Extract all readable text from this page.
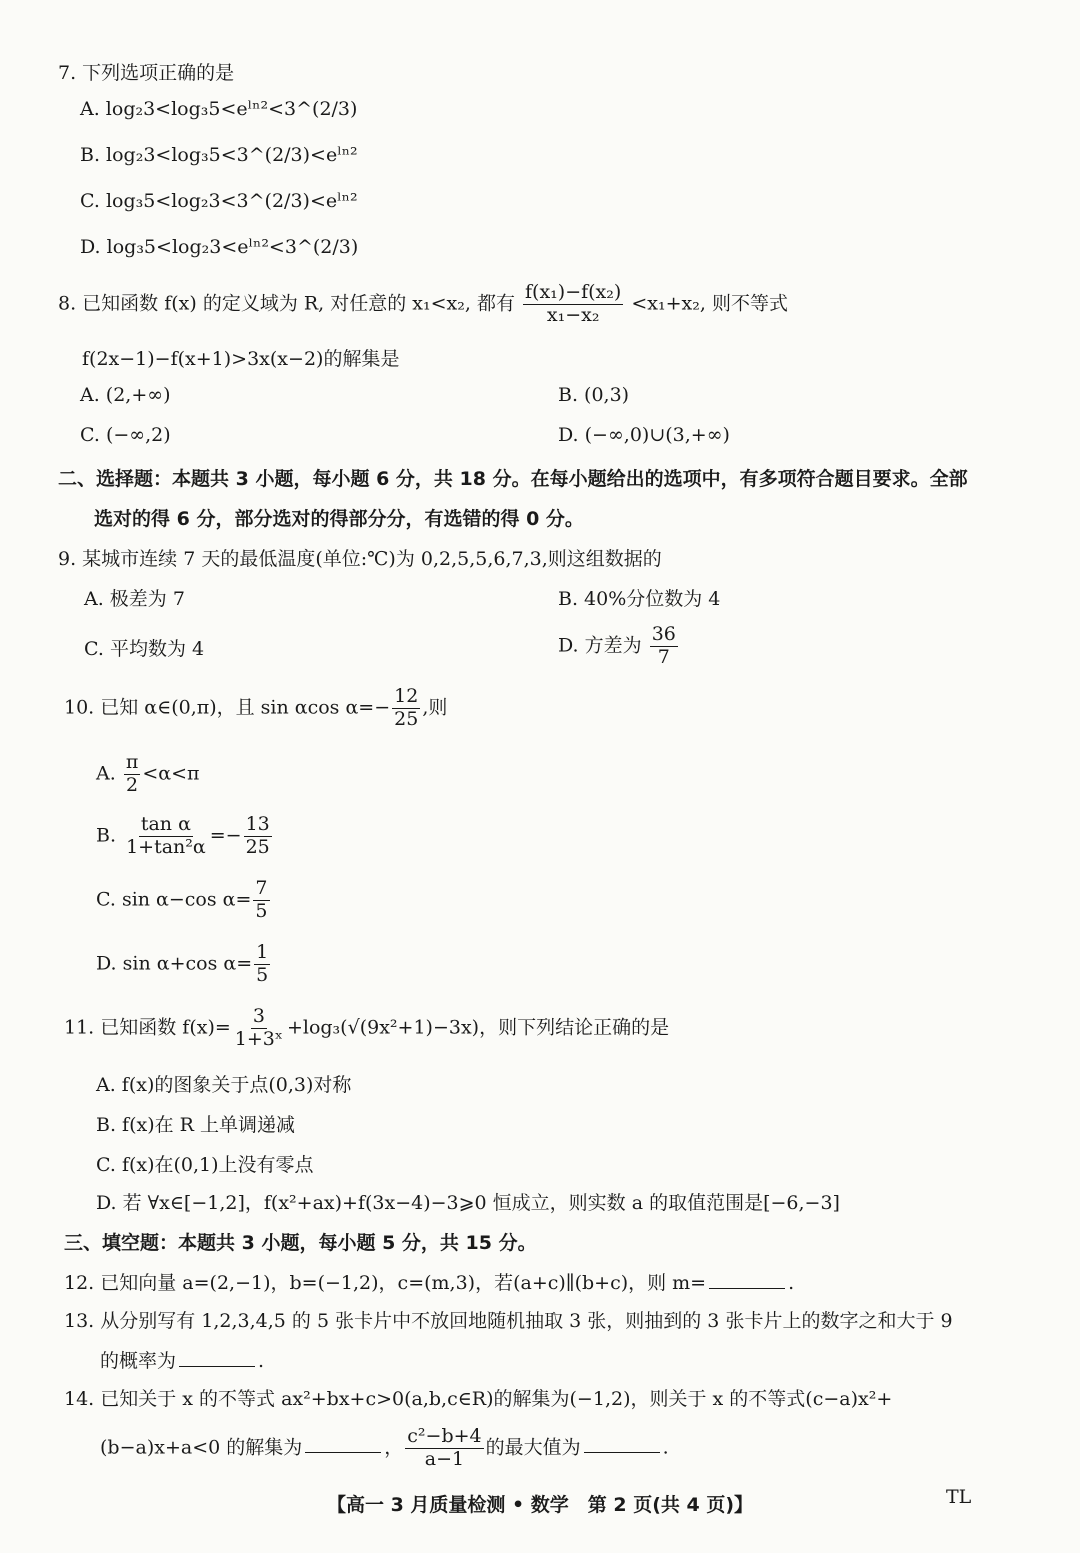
7. 下列选项正确的是
A. log₂3<log₃5<eˡⁿ²<3^(2/3)
B. log₂3<log₃5<3^(2/3)<eˡⁿ²
C. log₃5<log₂3<3^(2/3)<eˡⁿ²
D. log₃5<log₂3<eˡⁿ²<3^(2/3)
8. 已知函数 f(x) 的定义域为 R, 对任意的 x₁<x₂, 都有 $\frac{\text{f(x₁)−f(x₂)}}{\text{x₁−x₂}} <x_1+x_2$, 则不等式
f(2x−1)−f(x+1)>3x(x−2)的解集是
A. (2,+∞)	B. (0,3)
C. (−∞,2)	D. (−∞,0)∪(3,+∞)
二、选择题：本题共 3 小题，每小题 6 分，共 18 分。在每小题给出的选项中，有多项符合题目要求。全部
选对的得 6 分，部分选对的得部分分，有选错的得 0 分。
9. 某城市连续 7 天的最低温度(单位:℃)为 0,2,5,5,6,7,3,则这组数据的
A. 极差为 7	B. 40%分位数为 4
C. 平均数为 4	D. 方差为 $\frac{36}{7}$
10. 已知 α∈(0,π)，且 sin αcos $\alpha=- \frac{12}{25}$ ,则
A. $\frac{\pi}{2} <\alpha<\pi$
B. $\frac{\text{tan α}}{\text{1+tan²α}} =- \frac{13}{25}$
C. sin α−cos $\alpha= \frac{7}{5}$
D. sin α+cos $\alpha= \frac{1}{5}$
11. 已知函数 $f(x)= \frac{3}{\text{1+3ˣ}} +\log_3(√(9x^2+1)-3x)$，则下列结论正确的是
A. f(x)的图象关于点(0,3)对称
B. f(x)在 R 上单调递减
C. f(x)在(0,1)上没有零点
D. 若 ∀x∈[−1,2]，f(x²+ax)+f(3x−4)−3⩾0 恒成立，则实数 a 的取值范围是[−6,−3]
三、填空题：本题共 3 小题，每小题 5 分，共 15 分。
12. 已知向量 a=(2,−1)，b=(−1,2)，c=(m,3)，若(a+c)∥(b+c)，则 m=	.
13. 从分别写有 1,2,3,4,5 的 5 张卡片中不放回地随机抽取 3 张，则抽到的 3 张卡片上的数字之和大于 9
的概率为	.
14. 已知关于 x 的不等式 ax²+bx+c>0(a,b,c∈R)的解集为(−1,2)，则关于 x 的不等式(c−a)x²+
(b−a)x+a<0 的解集为	， $\frac{\text{c²−b+4}}{a-1}$ 的最大值为	.
【高一 3 月质量检测 • 数学　第 2 页(共 4 页)】	TL
